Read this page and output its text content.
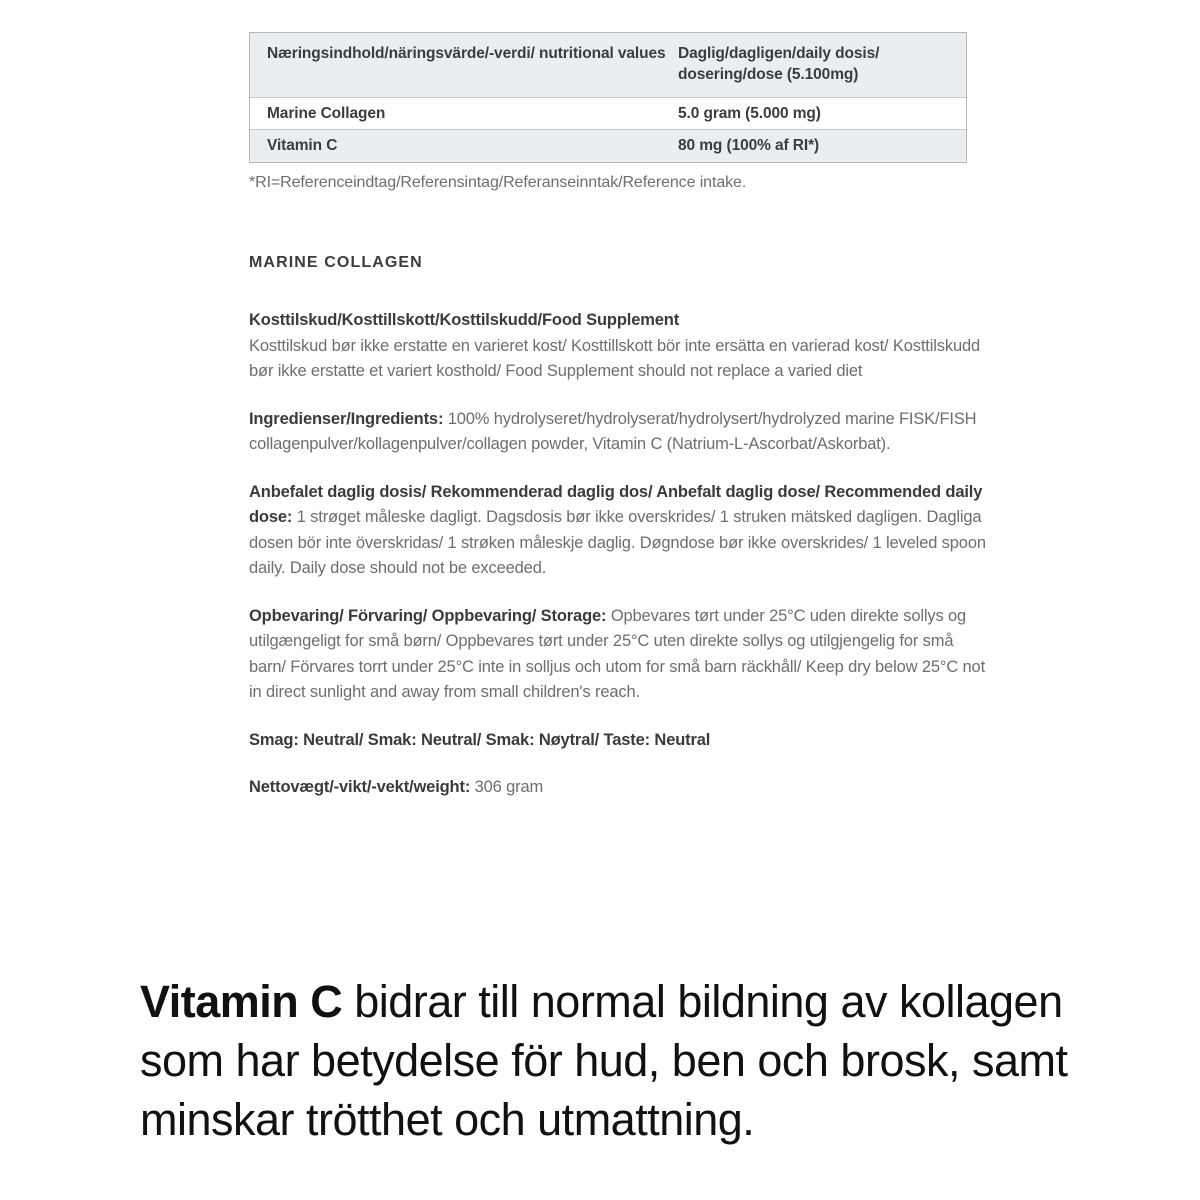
Næringsindhold/näringsvärde/-verdi/ nutritional values Daglig/dagligen/daily dosis/ dosering/dose (5.100mg)
Marine Collagen	5.0 gram (5.000 mg)
Vitamin C	80 mg (100% af RI*)
*RI=Referenceindtag/Referensintag/Referanseinntak/Reference intake.
MARINE COLLAGEN
Kosttilskud/Kosttillskott/Kosttilskudd/Food Supplement

Kosttilskud bør ikke erstatte en varieret kost/ Kosttillskott bör inte ersätta en varierad kost/ Kosttilskudd bør ikke erstatte et variert kosthold/ Food Supplement should not replace a varied diet

Ingredienser/Ingredients: 100% hydrolyseret/hydrolyserat/hydrolysert/hydrolyzed marine FISK/FISH collagenpulver/kollagenpulver/collagen powder, Vitamin C (Natrium-L-Ascorbat/Askorbat).

Anbefalet daglig dosis/ Rekommenderad daglig dos/ Anbefalt daglig dose/ Recommended daily dose: 1 strøget måleske dagligt. Dagsdosis bør ikke overskrides/ 1 struken mätsked dagligen. Dagliga dosen bör inte överskridas/ 1 strøken måleskje daglig. Døgndose bør ikke overskrides/ 1 leveled spoon daily. Daily dose should not be exceeded.

Opbevaring/ Förvaring/ Oppbevaring/ Storage: Opbevares tørt under 25°C uden direkte sollys og utilgængeligt for små børn/ Oppbevares tørt under 25°C uten direkte sollys og utilgjengelig for små barn/ Förvares torrt under 25°C inte in solljus och utom for små barn räckhåll/ Keep dry below 25°C not in direct sunlight and away from small children's reach.

Smag: Neutral/ Smak: Neutral/ Smak: Nøytral/ Taste: Neutral

Nettovægt/-vikt/-vekt/weight: 306 gram

Vitamin C bidrar till normal bildning av kollagen som har betydelse för hud, ben och brosk, samt minskar trötthet och utmattning.
